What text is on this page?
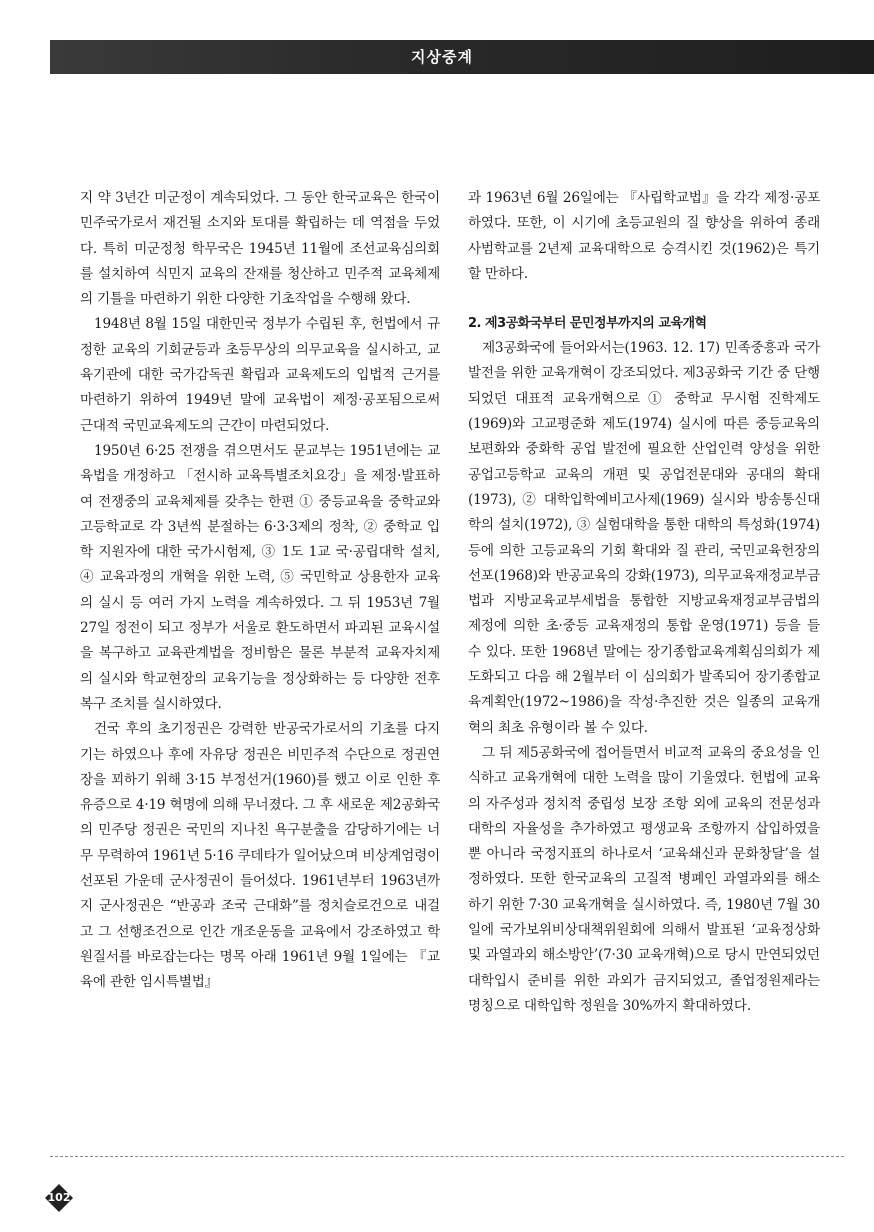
지상중계

지 약 3년간 미군정이 계속되었다. 그 동안 한국교육은 한국이 민주국가로서 재건될 소지와 토대를 확립하는 데 역점을 두었다. 특히 미군정청 학무국은 1945년 11월에 조선교육심의회를 설치하여 식민지 교육의 잔재를 청산하고 민주적 교육체제의 기틀을 마련하기 위한 다양한 기초작업을 수행해 왔다.

1948년 8월 15일 대한민국 정부가 수립된 후, 헌법에서 규정한 교육의 기회균등과 초등무상의 의무교육을 실시하고, 교육기관에 대한 국가감독권 확립과 교육제도의 입법적 근거를 마련하기 위하여 1949년 말에 교육법이 제정·공포됨으로써 근대적 국민교육제도의 근간이 마련되었다.

1950년 6·25 전쟁을 겪으면서도 문교부는 1951년에는 교육법을 개정하고 「전시하 교육특별조치요강」을 제정·발표하여 전쟁중의 교육체제를 갖추는 한편 ① 중등교육을 중학교와 고등학교로 각 3년씩 분절하는 6·3·3제의 정착, ② 중학교 입학 지원자에 대한 국가시험제, ③ 1도 1교 국·공립대학 설치, ④ 교육과정의 개혁을 위한 노력, ⑤ 국민학교 상용한자 교육의 실시 등 여러 가지 노력을 계속하였다. 그 뒤 1953년 7월 27일 정전이 되고 정부가 서울로 환도하면서 파괴된 교육시설을 복구하고 교육관계법을 정비함은 물론 부분적 교육자치제의 실시와 학교현장의 교육기능을 정상화하는 등 다양한 전후복구 조치를 실시하였다.

건국 후의 초기정권은 강력한 반공국가로서의 기초를 다지기는 하였으나 후에 자유당 정권은 비민주적 수단으로 정권연장을 꾀하기 위해 3·15 부정선거(1960)를 했고 이로 인한 후유증으로 4·19 혁명에 의해 무너졌다. 그 후 새로운 제2공화국의 민주당 정권은 국민의 지나친 욕구분출을 감당하기에는 너무 무력하여 1961년 5·16 쿠데타가 일어났으며 비상계엄령이 선포된 가운데 군사정권이 들어섰다. 1961년부터 1963년까지 군사정권은 “반공과 조국 근대화”를 정치슬로건으로 내걸고 그 선행조건으로 인간 개조운동을 교육에서 강조하였고 학원질서를 바로잡는다는 명목 아래 1961년 9월 1일에는 『교육에 관한 임시특별법』

과 1963년 6월 26일에는 『사립학교법』을 각각 제정·공포하였다. 또한, 이 시기에 초등교원의 질 향상을 위하여 종래 사범학교를 2년제 교육대학으로 승격시킨 것(1962)은 특기할 만하다.

2. 제3공화국부터 문민정부까지의 교육개혁

제3공화국에 들어와서는(1963. 12. 17) 민족중흥과 국가발전을 위한 교육개혁이 강조되었다. 제3공화국 기간 중 단행되었던 대표적 교육개혁으로 ① 중학교 무시험 진학제도(1969)와 고교평준화 제도(1974) 실시에 따른 중등교육의 보편화와 중화학 공업 발전에 필요한 산업인력 양성을 위한 공업고등학교 교육의 개편 및 공업전문대와 공대의 확대(1973), ② 대학입학예비고사제(1969) 실시와 방송통신대학의 설치(1972), ③ 실험대학을 통한 대학의 특성화(1974) 등에 의한 고등교육의 기회 확대와 질 관리, 국민교육헌장의 선포(1968)와 반공교육의 강화(1973), 의무교육재정교부금법과 지방교육교부세법을 통합한 지방교육재정교부금법의 제정에 의한 초·중등 교육재정의 통합 운영(1971) 등을 들 수 있다. 또한 1968년 말에는 장기종합교육계획심의회가 제도화되고 다음 해 2월부터 이 심의회가 발족되어 장기종합교육계획안(1972~1986)을 작성·추진한 것은 일종의 교육개혁의 최초 유형이라 볼 수 있다.

그 뒤 제5공화국에 접어들면서 비교적 교육의 중요성을 인식하고 교육개혁에 대한 노력을 많이 기울였다. 헌법에 교육의 자주성과 정치적 중립성 보장 조항 외에 교육의 전문성과 대학의 자율성을 추가하였고 평생교육 조항까지 삽입하였을 뿐 아니라 국정지표의 하나로서 ‘교육쇄신과 문화창달’을 설정하였다. 또한 한국교육의 고질적 병폐인 과열과외를 해소하기 위한 7·30 교육개혁을 실시하였다. 즉, 1980년 7월 30일에 국가보위비상대책위원회에 의해서 발표된 ‘교육정상화 및 과열과외 해소방안’(7·30 교육개혁)으로 당시 만연되었던 대학입시 준비를 위한 과외가 금지되었고, 졸업정원제라는 명칭으로 대학입학 정원을 30%까지 확대하였다.

102
